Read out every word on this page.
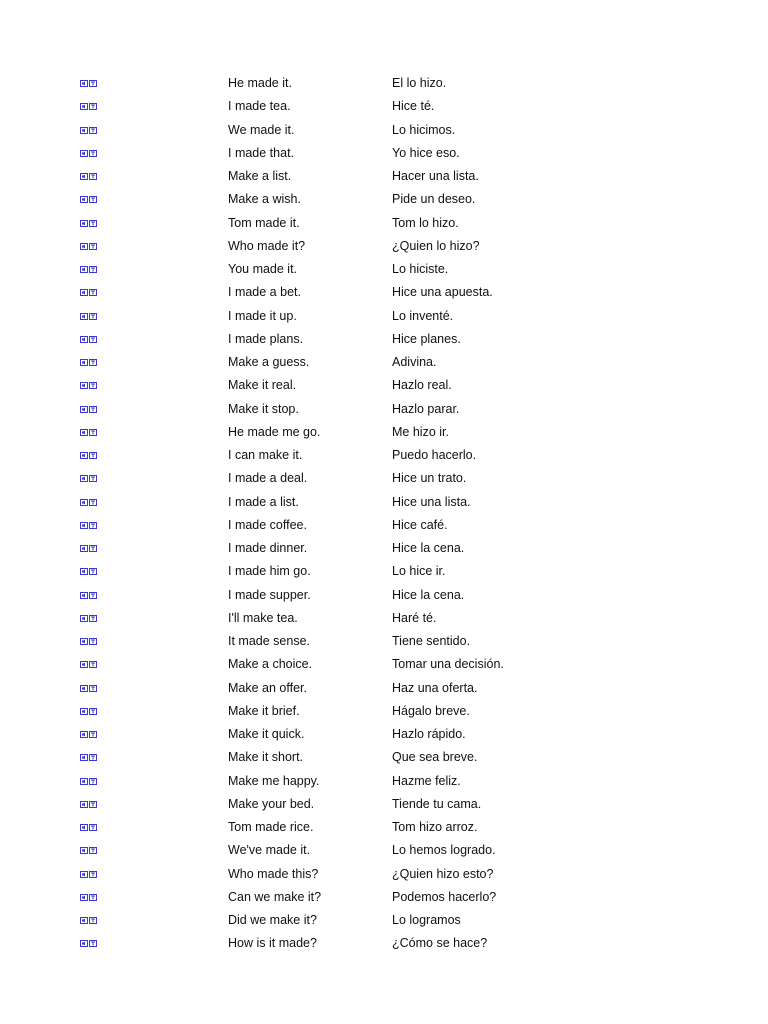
He made it.	El lo hizo.
I made tea.	Hice té.
We made it.	Lo hicimos.
I made that.	Yo hice eso.
Make a list.	Hacer una lista.
Make a wish.	Pide un deseo.
Tom made it.	Tom lo hizo.
Who made it?	¿Quien lo hizo?
You made it.	Lo hiciste.
I made a bet.	Hice una apuesta.
I made it up.	Lo inventé.
I made plans.	Hice planes.
Make a guess.	Adivina.
Make it real.	Hazlo real.
Make it stop.	Hazlo parar.
He made me go.	Me hizo ir.
I can make it.	Puedo hacerlo.
I made a deal.	Hice un trato.
I made a list.	Hice una lista.
I made coffee.	Hice café.
I made dinner.	Hice la cena.
I made him go.	Lo hice ir.
I made supper.	Hice la cena.
I'll make tea.	Haré té.
It made sense.	Tiene sentido.
Make a choice.	Tomar una decisión.
Make an offer.	Haz una oferta.
Make it brief.	Hágalo breve.
Make it quick.	Hazlo rápido.
Make it short.	Que sea breve.
Make me happy.	Hazme feliz.
Make your bed.	Tiende tu cama.
Tom made rice.	Tom hizo arroz.
We've made it.	Lo hemos logrado.
Who made this?	¿Quien hizo esto?
Can we make it?	Podemos hacerlo?
Did we make it?	Lo logramos
How is it made?	¿Cómo se hace?
